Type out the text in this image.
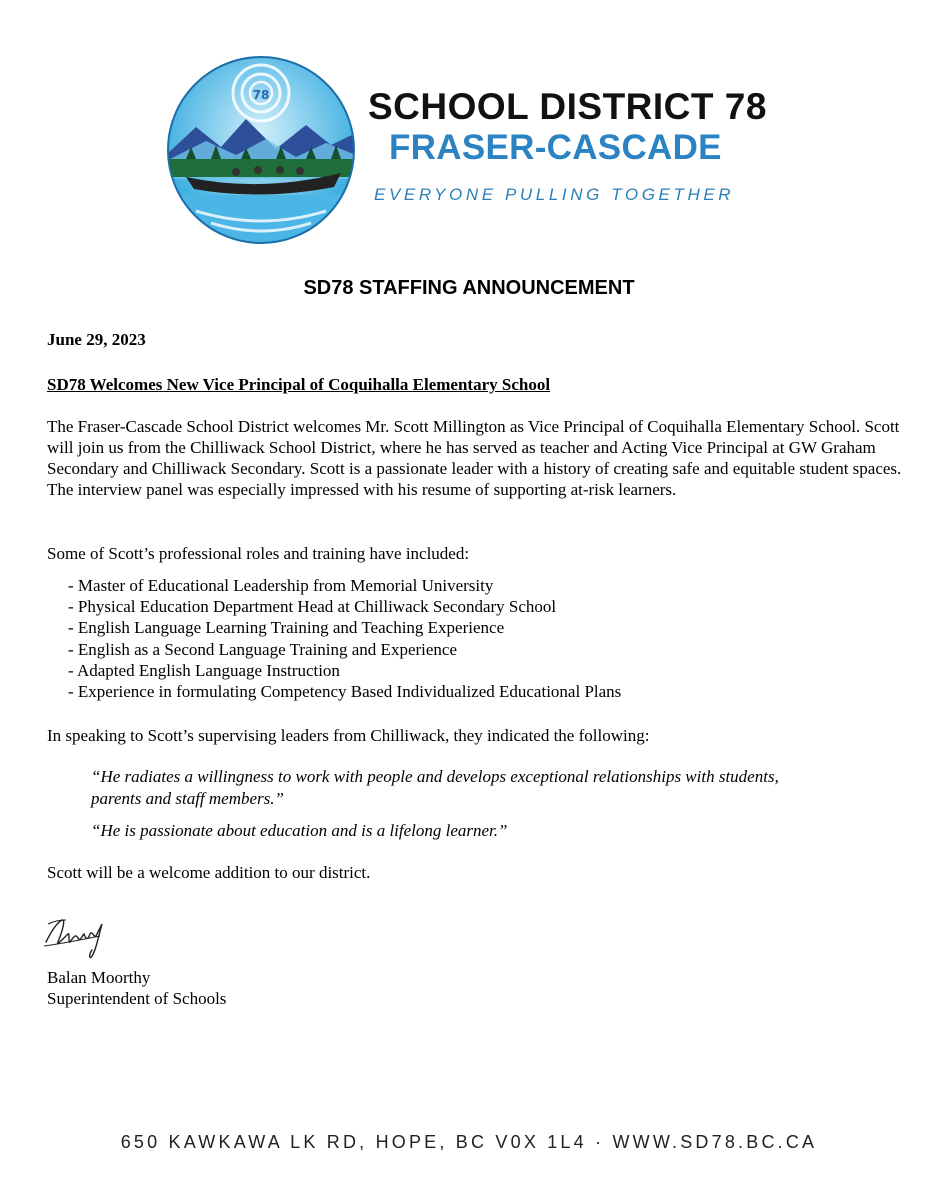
78	SCHOOL DISTRICT 78
FRASER-CASCADE
EVERYONE PULLING TOGETHER
SD78 STAFFING ANNOUNCEMENT
June 29, 2023
SD78 Welcomes New Vice Principal of Coquihalla Elementary School

The Fraser-Cascade School District welcomes Mr. Scott Millington as Vice Principal of Coquihalla Elementary School. Scott will join us from the Chilliwack School District, where he has served as teacher and Acting Vice Principal at GW Graham Secondary and Chilliwack Secondary. Scott is a passionate leader with a history of creating safe and equitable student spaces. The interview panel was especially impressed with his resume of supporting at-risk learners.

Some of Scott’s professional roles and training have included:

- Master of Educational Leadership from Memorial University
- Physical Education Department Head at Chilliwack Secondary School
- English Language Learning Training and Teaching Experience
- English as a Second Language Training and Experience
- Adapted English Language Instruction
- Experience in formulating Competency Based Individualized Educational Plans

In speaking to Scott’s supervising leaders from Chilliwack, they indicated the following:

“He radiates a willingness to work with people and develops exceptional relationships with students, parents and staff members.”

“He is passionate about education and is a lifelong learner.”

Scott will be a welcome addition to our district.

Balan Moorthy
Superintendent of Schools
650 KAWKAWA LK RD, HOPE, BC V0X 1L4 · WWW.SD78.BC.CA
